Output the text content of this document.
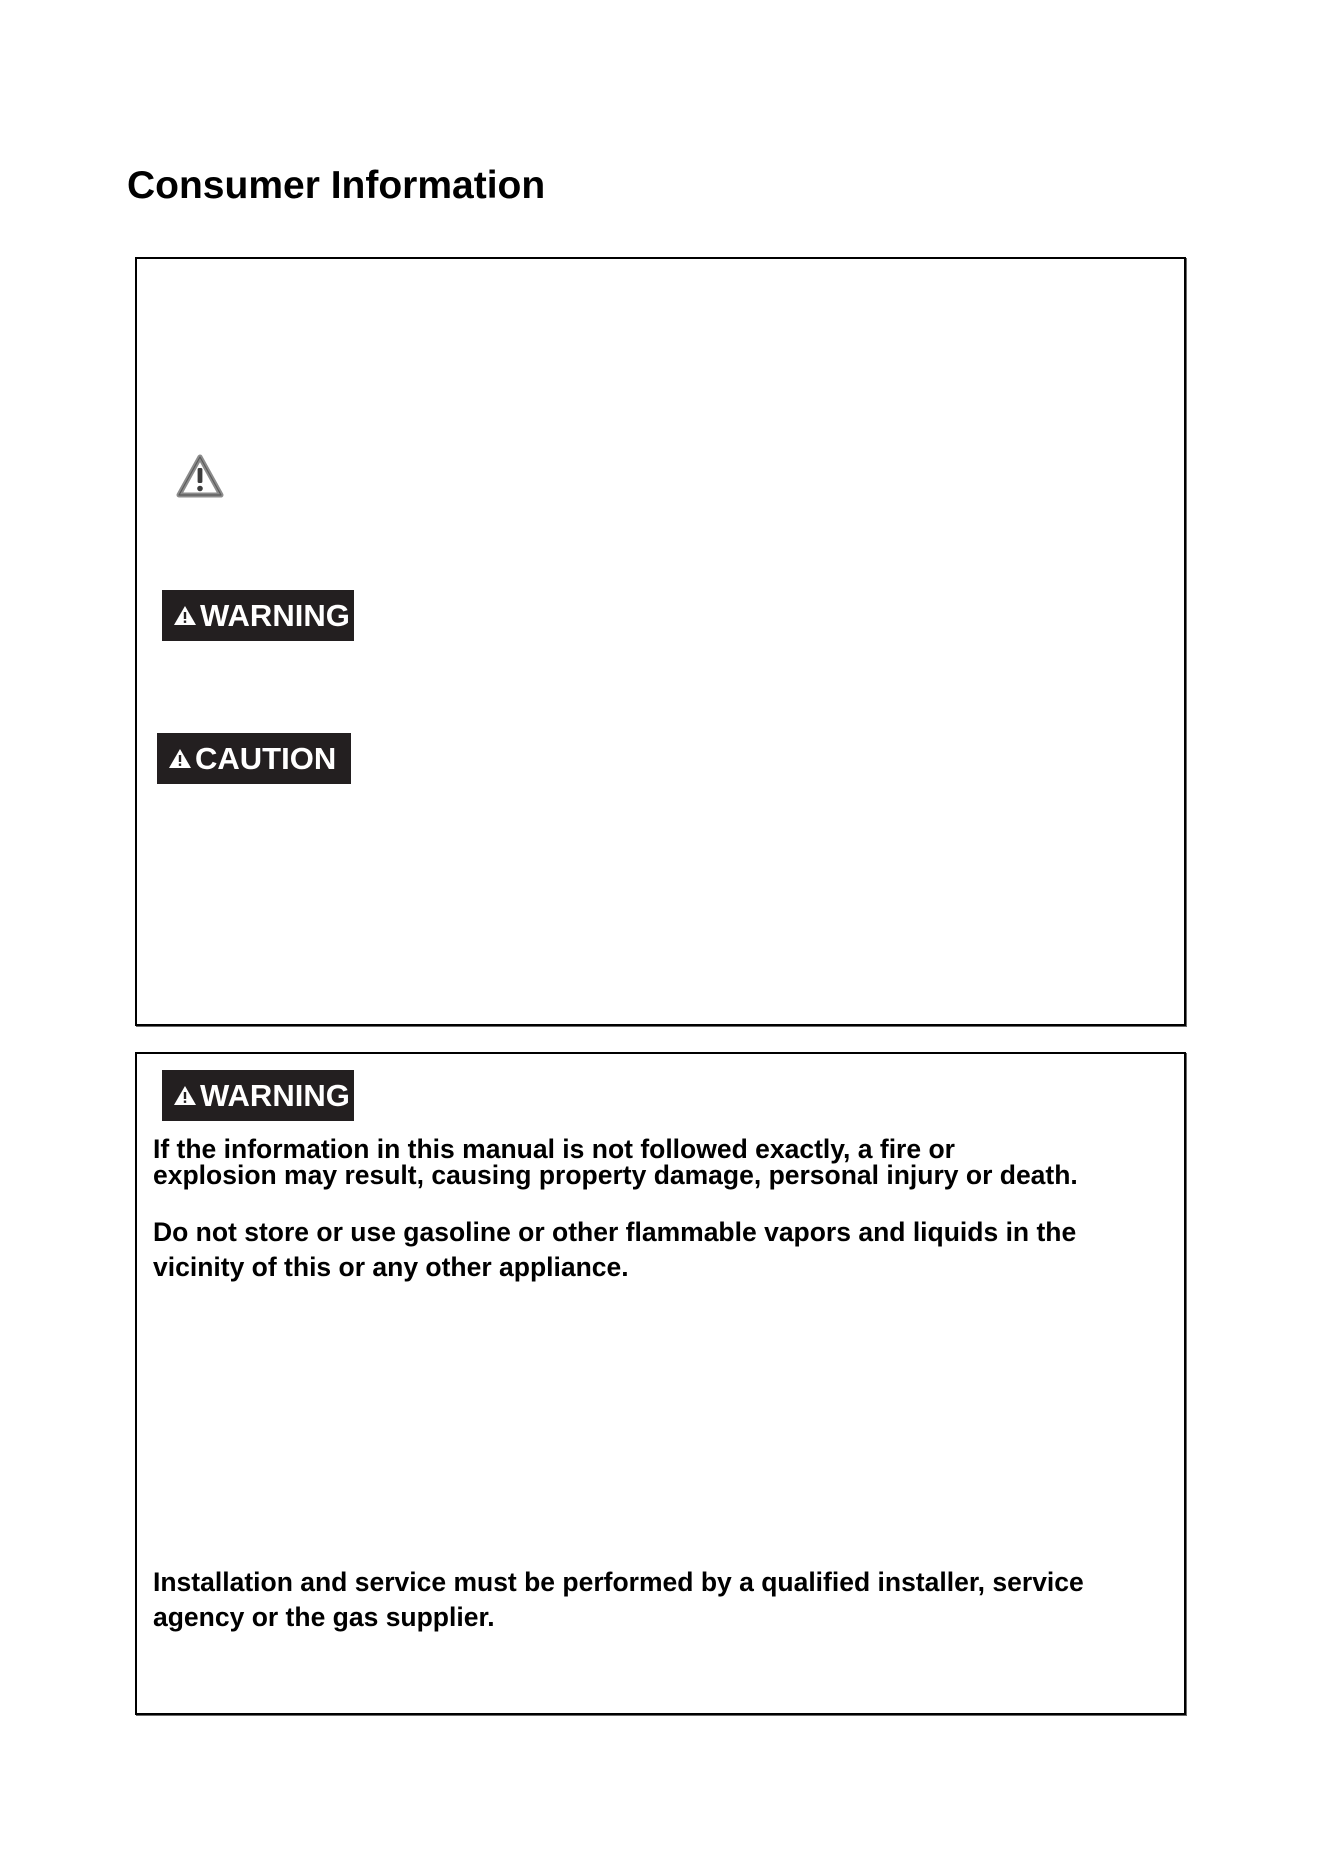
Consumer Information
WARNING
CAUTION
WARNING

If the information in this manual is not followed exactly, a fire or
explosion may result, causing property damage, personal injury or death.

Do not store or use gasoline or other flammable vapors and liquids in the
vicinity of this or any other appliance.

Installation and service must be performed by a qualified installer, service
agency or the gas supplier.
